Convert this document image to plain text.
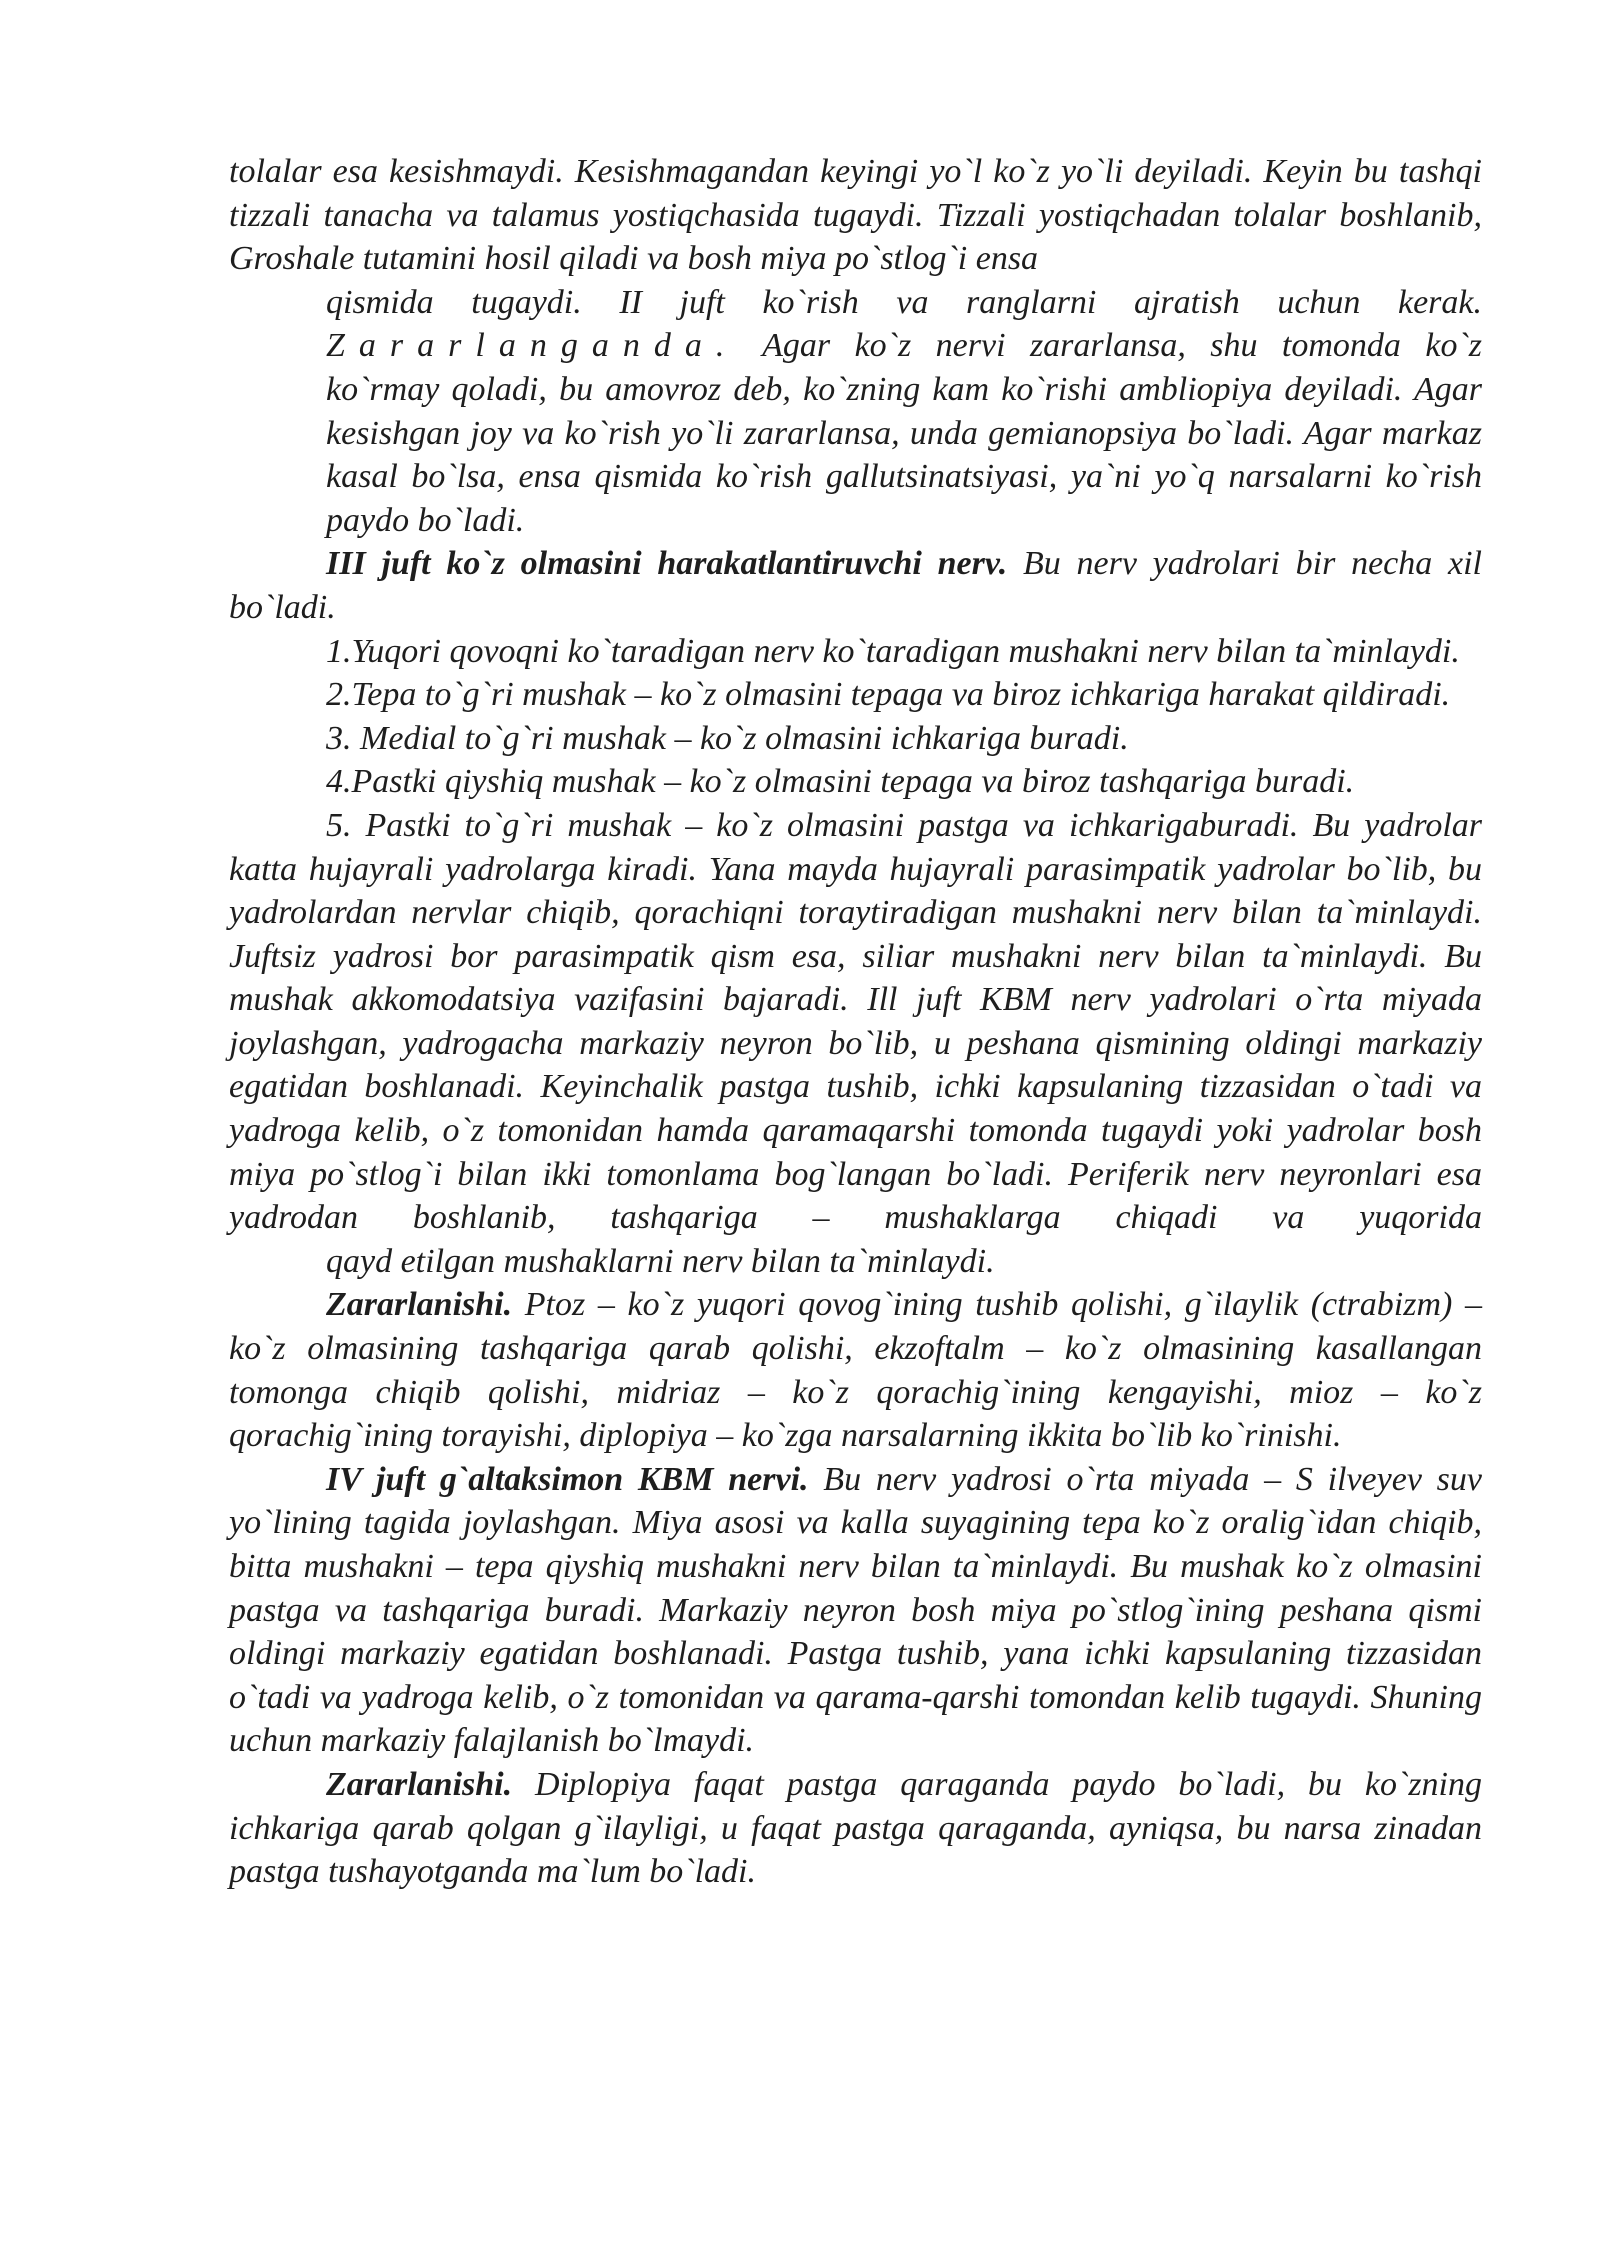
tolalar esa kesishmaydi. Kesishmagandan keyingi yo`l ko`z yo`li deyiladi. Keyin bu tashqi tizzali tanacha va talamus yostiqchasida tugaydi. Tizzali yostiqchadan tolalar boshlanib, Groshale tutamini hosil qiladi va bosh miya po`stlog`i ensa

qismida tugaydi. II juft ko`rish va ranglarni ajratish uchun kerak. Zararlanganda. Agar ko`z nervi zararlansa, shu tomonda ko`z ko`rmay qoladi, bu amovroz deb, ko`zning kam ko`rishi ambliopiya deyiladi. Agar kesishgan joy va ko`rish yo`li zararlansa, unda gemianopsiya bo`ladi. Agar markaz kasal bo`lsa, ensa qismida ko`rish gallutsinatsiyasi, ya`ni yo`q narsalarni ko`rish paydo bo`ladi.

III juft ko`z olmasini harakatlantiruvchi nerv. Bu nerv yadrolari bir necha xil bo`ladi.

1.Yuqori qovoqni ko`taradigan nerv ko`taradigan mushakni nerv bilan ta`minlaydi.

2.Tepa to`g`ri mushak – ko`z olmasini tepaga va biroz ichkariga harakat qildiradi.

3. Medial to`g`ri mushak – ko`z olmasini ichkariga buradi.

4.Pastki qiyshiq mushak – ko`z olmasini tepaga va biroz tashqariga buradi.

5. Pastki to`g`ri mushak – ko`z olmasini pastga va ichkarigaburadi. Bu yadrolar katta hujayrali yadrolarga kiradi. Yana mayda hujayrali parasimpatik yadrolar bo`lib, bu yadrolardan nervlar chiqib, qorachiqni toraytiradigan mushakni nerv bilan ta`minlaydi. Juftsiz yadrosi bor parasimpatik qism esa, siliar mushakni nerv bilan ta`minlaydi. Bu mushak akkomodatsiya vazifasini bajaradi. Ill juft KBM nerv yadrolari o`rta miyada joylashgan, yadrogacha markaziy neyron bo`lib, u peshana qismining oldingi markaziy egatidan boshlanadi. Keyinchalik pastga tushib, ichki kapsulaning tizzasidan o`tadi va yadroga kelib, o`z tomonidan hamda qaramaqarshi tomonda tugaydi yoki yadrolar bosh miya po`stlog`i bilan ikki tomonlama bog`langan bo`ladi. Periferik nerv neyronlari esa yadrodan boshlanib, tashqariga – mushaklarga chiqadi va yuqorida

qayd etilgan mushaklarni nerv bilan ta`minlaydi.

Zararlanishi. Ptoz – ko`z yuqori qovog`ining tushib qolishi, g`ilaylik (ctrabizm) – ko`z olmasining tashqariga qarab qolishi, ekzoftalm – ko`z olmasining kasallangan tomonga chiqib qolishi, midriaz – ko`z qorachig`ining kengayishi, mioz – ko`z qorachig`ining torayishi, diplopiya – ko`zga narsalarning ikkita bo`lib ko`rinishi.

IV juft g`altaksimon KBM nervi. Bu nerv yadrosi o`rta miyada – S ilveyev suv yo`lining tagida joylashgan. Miya asosi va kalla suyagining tepa ko`z oralig`idan chiqib, bitta mushakni – tepa qiyshiq mushakni nerv bilan ta`minlaydi. Bu mushak ko`z olmasini pastga va tashqariga buradi. Markaziy neyron bosh miya po`stlog`ining peshana qismi oldingi markaziy egatidan boshlanadi. Pastga tushib, yana ichki kapsulaning tizzasidan o`tadi va yadroga kelib, o`z tomonidan va qarama-qarshi tomondan kelib tugaydi. Shuning uchun markaziy falajlanish bo`lmaydi.

Zararlanishi. Diplopiya faqat pastga qaraganda paydo bo`ladi, bu ko`zning ichkariga qarab qolgan g`ilayligi, u faqat pastga qaraganda, ayniqsa, bu narsa zinadan pastga tushayotganda ma`lum bo`ladi.
